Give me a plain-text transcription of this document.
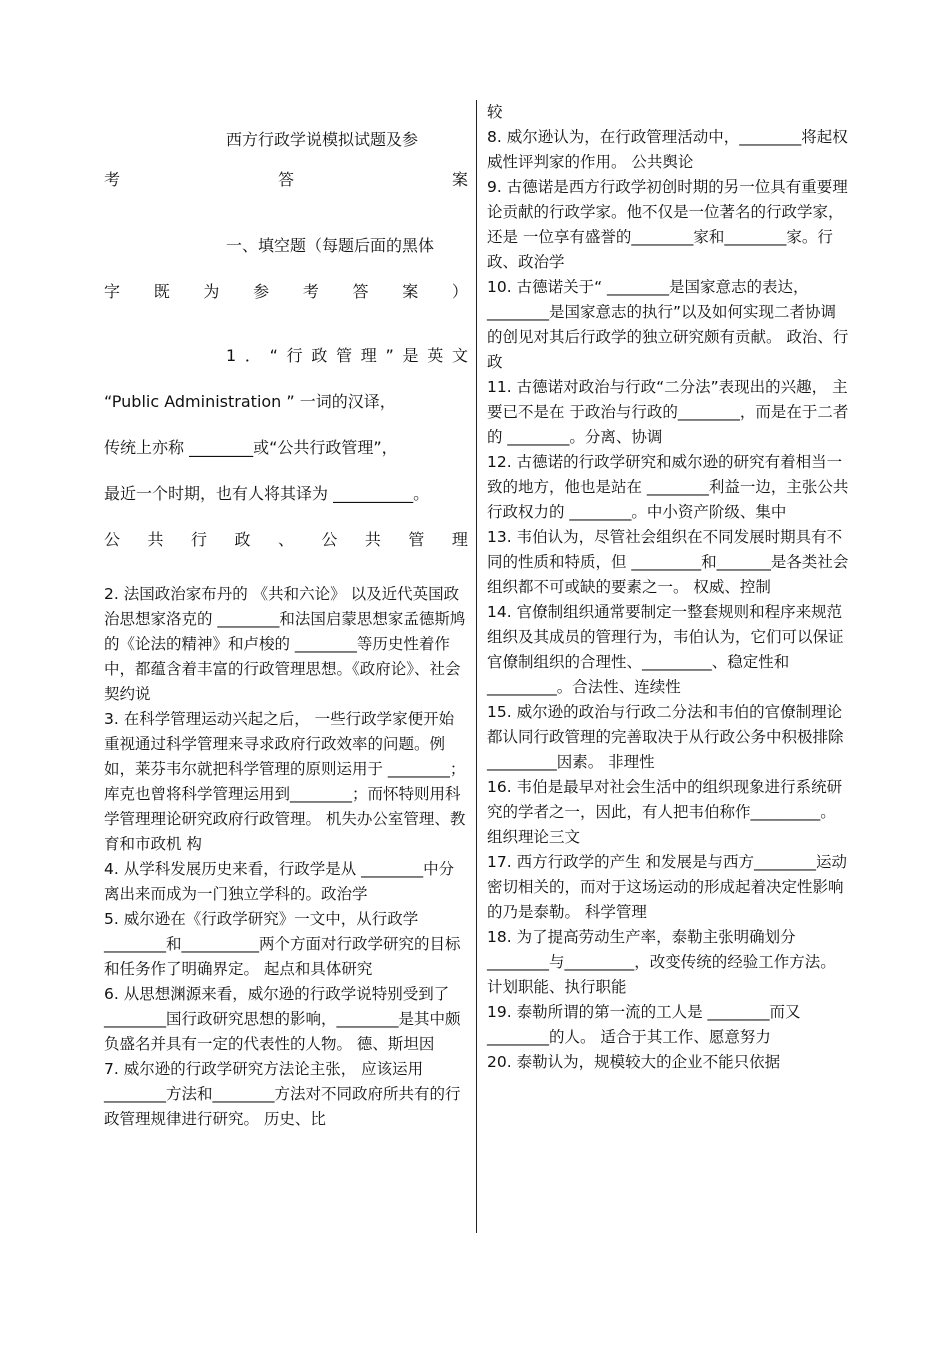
西方行政学说模拟试题及参
考	答	案
一、填空题（每题后面的黑体
字 既 为 参 考 答 案 ）
1．“行政管理”是英文
“Public Administration ” 一词的汉译，
传统上亦称 ________或“公共行政管理”，
最近一个时期，也有人将其译为 __________。
公 共 行 政 、 公 共 管 理
2. 法国政治家布丹的 《共和六论》 以及近代英国政治思想家洛克的 ________和法国启蒙思想家孟德斯鸠的《论法的精神》和卢梭的 ________等历史性着作中，都蕴含着丰富的行政管理思想。《政府论》、社会契约说
3. 在科学管理运动兴起之后， 一些行政学家便开始重视通过科学管理来寻求政府行政效率的问题。例如，莱芬韦尔就把科学管理的原则运用于 ________；库克也曾将科学管理运用到________；而怀特则用科学管理理论研究政府行政管理。 机失办公室管理、教育和市政机 构
4. 从学科发展历史来看，行政学是从 ________中分离出来而成为一门独立学科的。政治学
5. 威尔逊在《行政学研究》一文中，从行政学________和__________两个方面对行政学研究的目标和任务作了明确界定。 起点和具体研究
6. 从思想渊源来看，威尔逊的行政学说特别受到了 ________国行政研究思想的影响，________是其中颇负盛名并具有一定的代表性的人物。 德、斯坦因
7. 威尔逊的行政学研究方法论主张， 应该运用________方法和________方法对不同政府所共有的行政管理规律进行研究。 历史、比
较
8. 威尔逊认为，在行政管理活动中，________将起权威性评判家的作用。 公共舆论
9. 古德诺是西方行政学初创时期的另一位具有重要理论贡献的行政学家。他不仅是一位著名的行政学家，还是 一位享有盛誉的________家和________家。行政、政治学
10. 古德诺关于“ ________是国家意志的表达，________是国家意志的执行”以及如何实现二者协调的创见对其后行政学的独立研究颇有贡献。 政治、行政
11. 古德诺对政治与行政“二分法”表现出的兴趣， 主要已不是在 于政治与行政的________，而是在于二者的 ________。分离、协调
12. 古德诺的行政学研究和威尔逊的研究有着相当一致的地方，他也是站在 ________利益一边，主张公共行政权力的 ________。中小资产阶级、集中
13. 韦伯认为，尽管社会组织在不同发展时期具有不同的性质和特质，但 _________和_______是各类社会组织都不可或缺的要素之一。 权威、控制
14. 官僚制组织通常要制定一整套规则和程序来规范组织及其成员的管理行为，韦伯认为，它们可以保证官僚制组织的合理性、_________、稳定性和 _________。合法性、连续性
15. 威尔逊的政治与行政二分法和韦伯的官僚制理论都认同行政管理的完善取决于从行政公务中积极排除 _________因素。 非理性
16. 韦伯是最早对社会生活中的组织现象进行系统研究的学者之一，因此，有人把韦伯称作_________。组织理论三文
17. 西方行政学的产生 和发展是与西方________运动密切相关的，而对于这场运动的形成起着决定性影响的乃是泰勒。 科学管理
18. 为了提高劳动生产率，泰勒主张明确划分________与_________，改变传统的经验工作方法。 计划职能、执行职能
19. 泰勒所谓的第一流的工人是 ________而又________的人。 适合于其工作、愿意努力
20. 泰勒认为，规模较大的企业不能只依据
